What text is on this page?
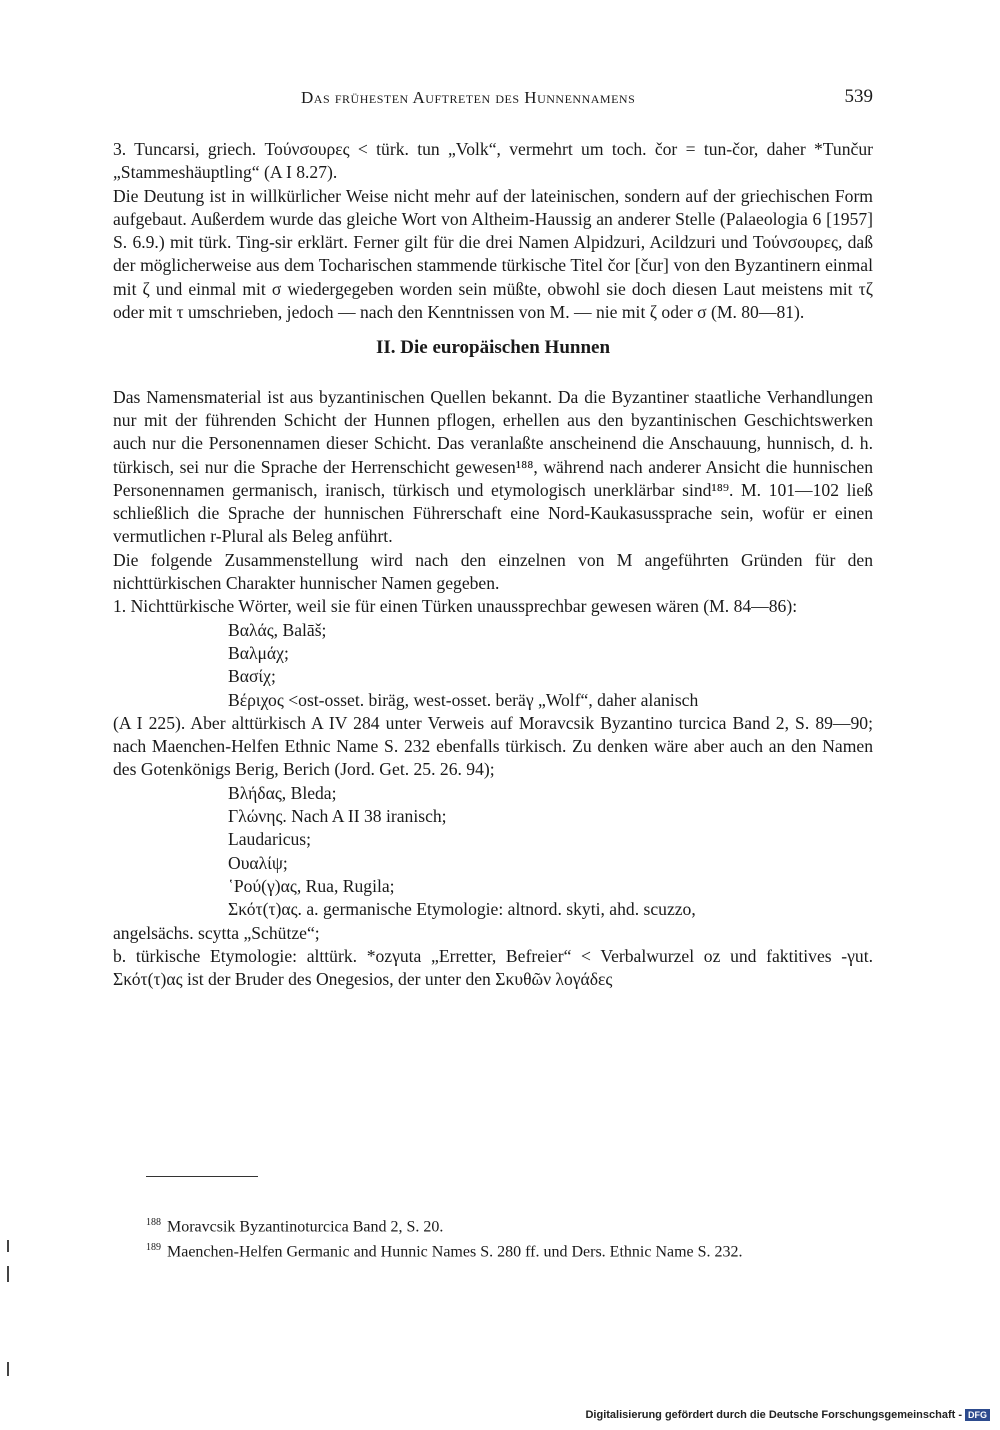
Das frühesten Auftreten des Hunnennamens	539

3. Tuncarsi, griech. Τούνσουρες < türk. tun „Volk“, vermehrt um toch. čor = tun-čor, daher *Tunčur „Stammeshäuptling“ (A I 8.27).

Die Deutung ist in willkürlicher Weise nicht mehr auf der lateinischen, sondern auf der griechischen Form aufgebaut. Außerdem wurde das gleiche Wort von Altheim-Haussig an anderer Stelle (Palaeologia 6 [1957] S. 6.9.) mit türk. Ting-sir erklärt. Ferner gilt für die drei Namen Alpidzuri, Acildzuri und Τούνσουρες, daß der möglicherweise aus dem Tocharischen stammende türkische Titel čor [čur] von den Byzantinern einmal mit ζ und einmal mit σ wiedergegeben worden sein müßte, obwohl sie doch diesen Laut meistens mit τζ oder mit τ umschrieben, jedoch — nach den Kenntnissen von M. — nie mit ζ oder σ (M. 80—81).

II. Die europäischen Hunnen

Das Namensmaterial ist aus byzantinischen Quellen bekannt. Da die Byzantiner staatliche Verhandlungen nur mit der führenden Schicht der Hunnen pflogen, erhellen aus den byzantinischen Geschichtswerken auch nur die Personennamen dieser Schicht. Das veranlaßte anscheinend die Anschauung, hunnisch, d. h. türkisch, sei nur die Sprache der Herrenschicht gewesen¹⁸⁸, während nach anderer Ansicht die hunnischen Personennamen germanisch, iranisch, türkisch und etymologisch unerklärbar sind¹⁸⁹. M. 101—102 ließ schließlich die Sprache der hunnischen Führerschaft eine Nord-Kaukasussprache sein, wofür er einen vermutlichen r-Plural als Beleg anführt.

Die folgende Zusammenstellung wird nach den einzelnen von M angeführten Gründen für den nichttürkischen Charakter hunnischer Namen gegeben.

1. Nichttürkische Wörter, weil sie für einen Türken unaussprechbar gewesen wären (M. 84—86):

Βαλάς, Balāš;

Βαλμάχ;

Βασίχ;

Βέριχος <ost-osset. biräg, west-osset. beräγ „Wolf“, daher alanisch

(A I 225). Aber alttürkisch A IV 284 unter Verweis auf Moravcsik Byzantino turcica Band 2, S. 89—90; nach Maenchen-Helfen Ethnic Name S. 232 ebenfalls türkisch. Zu denken wäre aber auch an den Namen des Gotenkönigs Berig, Berich (Jord. Get. 25. 26. 94);

Βλήδας, Bleda;

Γλώνης. Nach A II 38 iranisch;

Laudaricus;

Ουαλίψ;

῾Ρού(γ)ας, Rua, Rugila;

Σκότ(τ)ας. a. germanische Etymologie: altnord. skyti, ahd. scuzzo,

angelsächs. scytta „Schütze“;

b. türkische Etymologie: alttürk. *ozγuta „Erretter, Befreier“ < Verbalwurzel oz und faktitives -γut. Σκότ(τ)ας ist der Bruder des Onegesios, der unter den Σκυθῶν λογάδες

$^{188}$ Moravcsik Byzantinoturcica Band 2, S. 20.
$^{189}$ Maenchen-Helfen Germanic and Hunnic Names S. 280 ff. und Ders. Ethnic Name S. 232.
Digitalisierung gefördert durch die Deutsche Forschungsgemeinschaft - DFG
